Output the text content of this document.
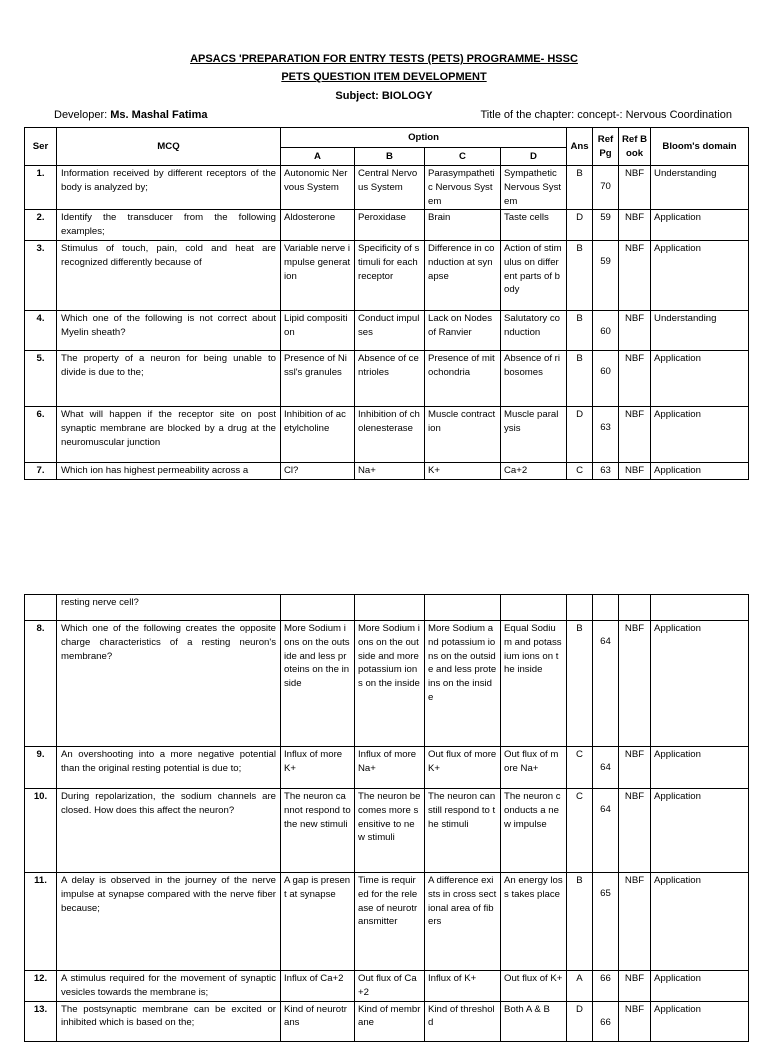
APSACS 'PREPARATION FOR ENTRY TESTS (PETS) PROGRAMME- HSSC
PETS QUESTION ITEM DEVELOPMENT
Subject: BIOLOGY
Developer: Ms. Mashal Fatima	Title of the chapter: concept-: Nervous Coordination
Ser	MCQ	Option				Ans	Ref Pg	Ref Book	Bloom's domain
		A	B	C	D				
1.	Information received by different receptors of the body is analyzed by;	Autonomic Nervous System	Central Nervous System	Parasympathetic Nervous System	Sympathetic Nervous System	B	70	NBF	Understanding
2.	Identify the transducer from the following examples;	Aldosterone	Peroxidase	Brain	Taste cells	D	59	NBF	Application
3.	Stimulus of touch, pain, cold and heat are recognized differently because of	Variable nerve impulse generation	Specificity of stimuli for each receptor	Difference in conduction at synapse	Action of stimulus on different parts of body	B	59	NBF	Application
4.	Which one of the following is not correct about Myelin sheath?	Lipid composition	Conduct impulses	Lack on Nodes of Ranvier	Salutatory conduction	B	60	NBF	Understanding
5.	The property of a neuron for being unable to divide is due to the;	Presence of Nissl's granules	Absence of centrioles	Presence of mitochondria	Absence of ribosomes	B	60	NBF	Application
6.	What will happen if the receptor site on post synaptic membrane are blocked by a drug at the neuromuscular junction	Inhibition of acetylcholine	Inhibition of cholenesterase	Muscle contraction	Muscle paralysis	D	63	NBF	Application
7.	Which ion has highest permeability across a	Cl?	Na+	K+	Ca+2	C	63	NBF	Application
	resting nerve cell?								
8.	Which one of the following creates the opposite charge characteristics of a resting neuron's membrane?	More Sodium ions on the outside and less proteins on the inside	More Sodium ions on the outside and more potassium ions on the inside	More Sodium and potassium ions on the outside and less proteins on the inside	Equal Sodium and potassium ions on the inside	B	64	NBF	Application
9.	An overshooting into a more negative potential than the original resting potential is due to;	Influx of more K+	Influx of more Na+	Out flux of more K+	Out flux of more Na+	C	64	NBF	Application
10.	During repolarization, the sodium channels are closed. How does this affect the neuron?	The neuron cannot respond to the new stimuli	The neuron becomes more sensitive to new stimuli	The neuron can still respond to the stimuli	The neuron conducts a new impulse	C	64	NBF	Application
11.	A delay is observed in the journey of the nerve impulse at synapse compared with the nerve fiber because;	A gap is present at synapse	Time is required for the release of neurotransmitter	A difference exists in cross sectional area of fibers	An energy loss takes place	B	65	NBF	Application
12.	A stimulus required for the movement of synaptic vesicles towards the membrane is;	Influx of Ca+2	Out flux of Ca+2	Influx of K+	Out flux of K+	A	66	NBF	Application
13.	The postsynaptic membrane can be excited or inhibited which is based on the;	Kind of neurotrans	Kind of membrane	Kind of threshold	Both A & B	D	66	NBF	Application
